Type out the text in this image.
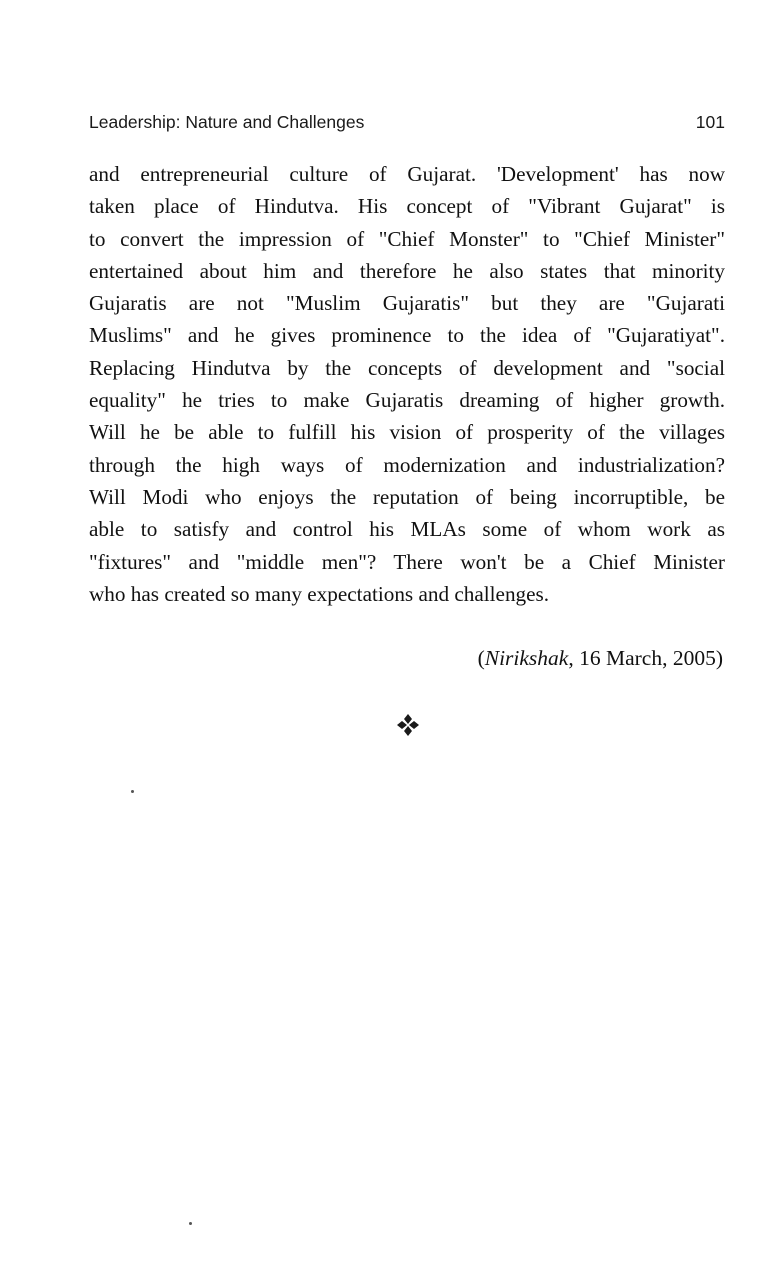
Leadership: Nature and Challenges	101
and entrepreneurial culture of Gujarat. 'Development' has now
taken place of Hindutva. His concept of "Vibrant Gujarat" is
to convert the impression of "Chief Monster" to "Chief Minister"
entertained about him and therefore he also states that minority
Gujaratis are not "Muslim Gujaratis" but they are "Gujarati
Muslims" and he gives prominence to the idea of "Gujaratiyat".
Replacing Hindutva by the concepts of development and "social
equality" he tries to make Gujaratis dreaming of higher growth.
Will he be able to fulfill his vision of prosperity of the villages
through the high ways of modernization and industrialization?
Will Modi who enjoys the reputation of being incorruptible, be
able to satisfy and control his MLAs some of whom work as
"fixtures" and "middle men"? There won't be a Chief Minister
who has created so many expectations and challenges.
(Nirikshak, 16 March, 2005)
